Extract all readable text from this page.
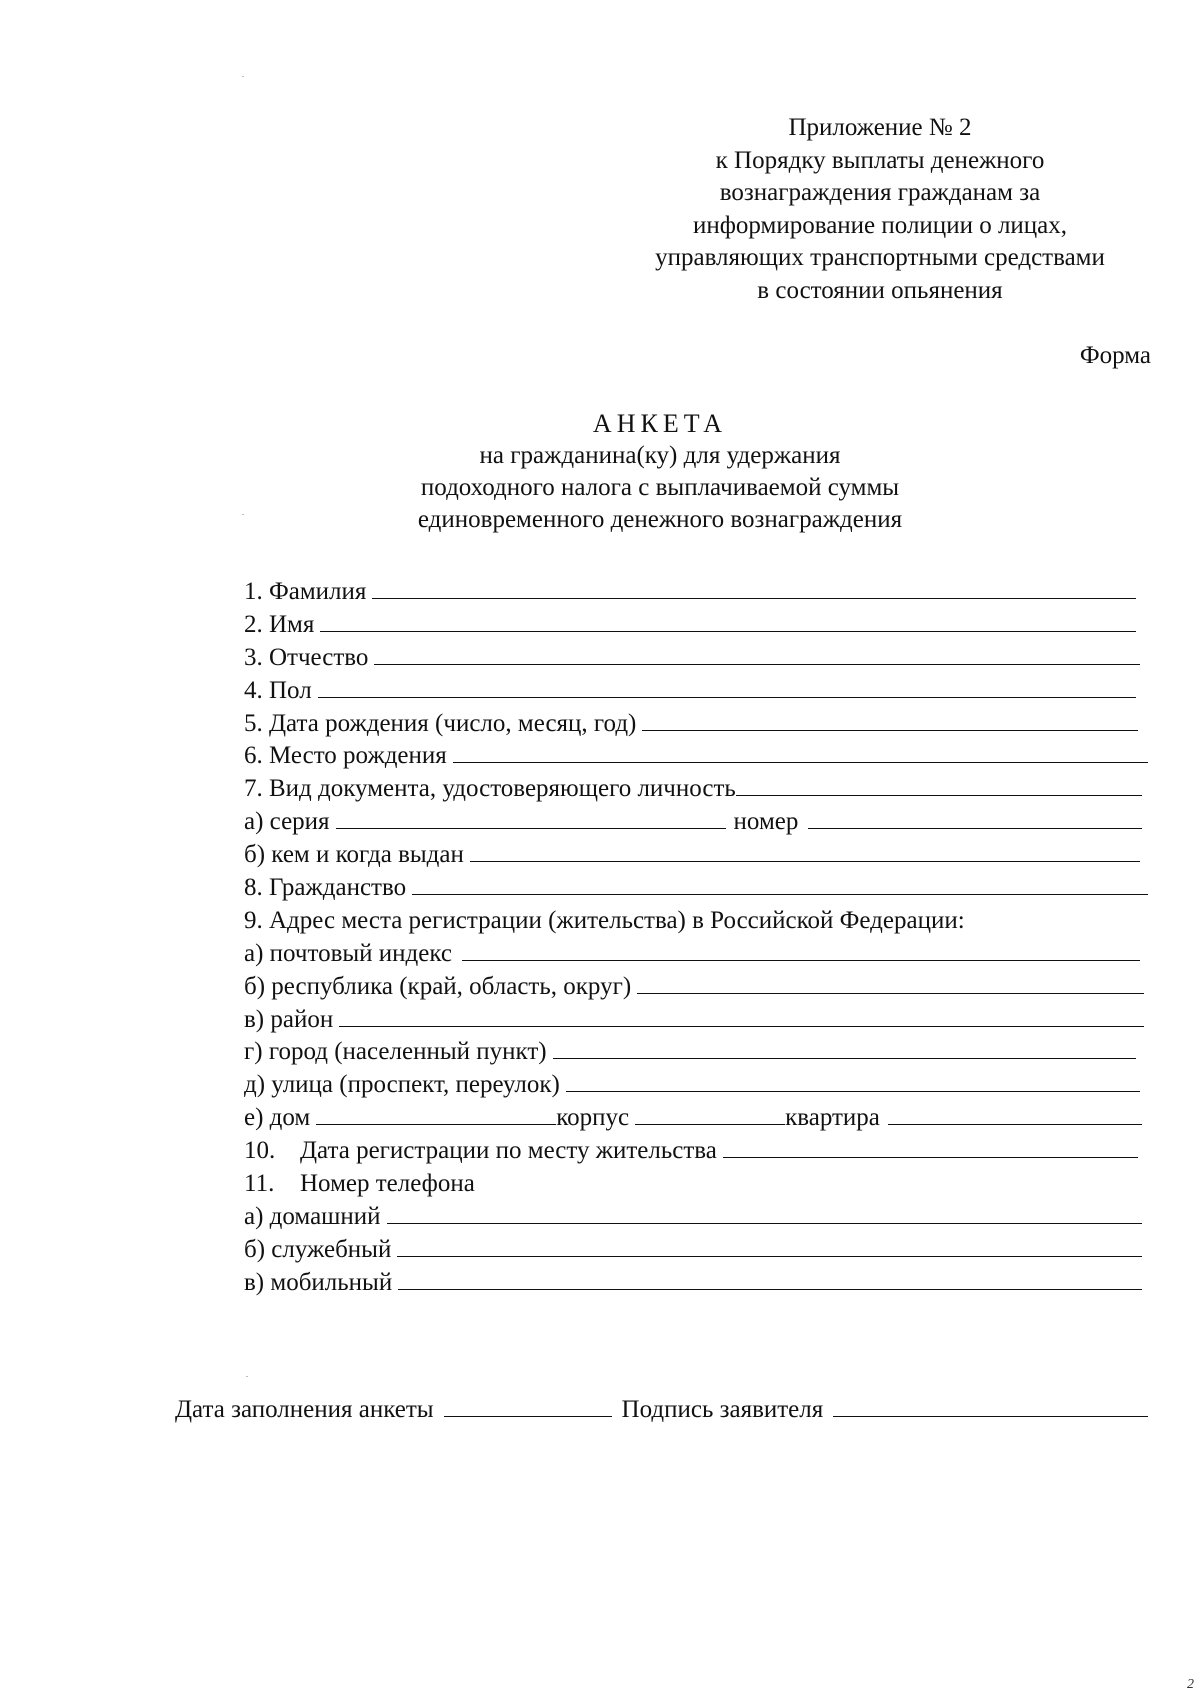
Приложение № 2
к Порядку выплаты денежного
вознаграждения гражданам за
информирование полиции о лицах,
управляющих транспортными средствами
в состоянии опьянения
Форма
АНКЕТА
на гражданина(ку) для удержания
подоходного налога с выплачиваемой суммы
единовременного денежного вознаграждения
1. Фамилия
2. Имя
3. Отчество
4. Пол
5. Дата рождения (число, месяц, год)
6. Место рождения
7. Вид документа, удостоверяющего личность
а) серия	номер
б) кем и когда выдан
8. Гражданство
9. Адрес места регистрации (жительства) в Российской Федерации:
а) почтовый индекс
б) республика (край, область, округ)
в) район
г) город (населенный пункт)
д) улица (проспект, переулок)
е) дом	корпус	квартира
10. Дата регистрации по месту жительства
11.	Номер телефона
а) домашний
б) служебный
в) мобильный
Дата заполнения анкеты	Подпись заявителя
2
